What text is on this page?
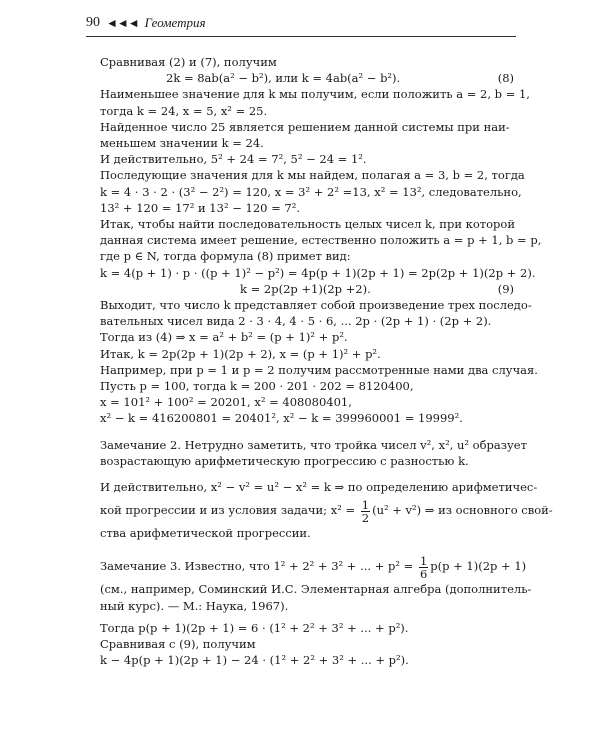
90 ◄◄◄ Геометрия
Сравнивая (2) и (7), получим
2k = 8ab(a² − b²), или k = 4ab(a² − b²).	(8)
Наименьшее значение для k мы получим, если положить a = 2, b = 1,
тогда k = 24, x = 5, x² = 25.
Найденное число 25 является решением данной системы при наи-
меньшем значении k = 24.
И действительно, 5² + 24 = 7², 5² − 24 = 1².
Последующие значения для k мы найдем, полагая a = 3, b = 2, тогда
k = 4 · 3 · 2 · (3² − 2²) = 120, x = 3² + 2² =13, x² = 13², следовательно,
13² + 120 = 17² и 13² − 120 = 7².
Итак, чтобы найти последовательность целых чисел k, при которой
данная система имеет решение, естественно положить a = p + 1, b = p,
где p ∈ N, тогда формула (8) примет вид:
k = 4(p + 1) · p · ((p + 1)² − p²) = 4p(p + 1)(2p + 1) = 2p(2p + 1)(2p + 2).
k = 2p(2p +1)(2p +2).	(9)
Выходит, что число k представляет собой произведение трех последо-
вательных чисел вида 2 · 3 · 4, 4 · 5 · 6, ... 2p · (2p + 1) · (2p + 2).
Тогда из (4) ⇒ x = a² + b² = (p + 1)² + p².
Итак, k = 2p(2p + 1)(2p + 2), x = (p + 1)² + p².
Например, при p = 1 и p = 2 получим рассмотренные нами два случая.
Пусть p = 100, тогда k = 200 · 201 · 202 = 8120400,
x = 101² + 100² = 20201, x² = 408080401,
x² − k = 416200801 = 20401², x² − k = 399960001 = 19999².
Замечание 2. Нетрудно заметить, что тройка чисел v², x², u² образует
возрастающую арифметическую прогрессию с разностью k.
И действительно, x² − v² = u² − x² = k ⇒ по определению арифметичес-
кой прогрессии и из условия задачи; $x^2 = \frac{1}{2} (u^2 + v^2)$ ⇒ из основного свой-
ства арифметической прогрессии.
Замечание 3. Известно, что 1² + 2² + 3² + ... + $p^2 = \frac{1}{6} p(p + 1)(2p + 1)$
(см., например, Соминский И.С. Элементарная алгебра (дополнитель-
ный курс). — М.: Наука, 1967).
Тогда p(p + 1)(2p + 1) = 6 · (1² + 2² + 3² + ... + p²).
Сравнивая с (9), получим
k − 4p(p + 1)(2p + 1) − 24 · (1² + 2² + 3² + ... + p²).
